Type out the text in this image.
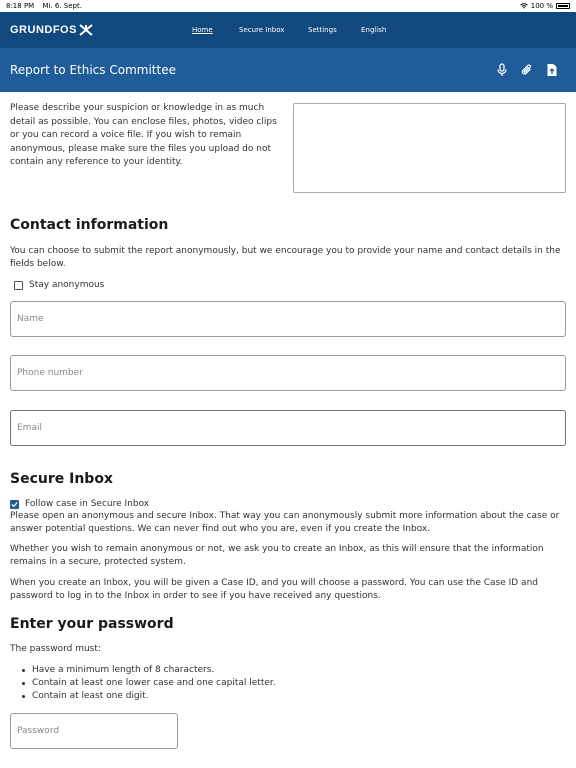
8:18 PM Mi. 6. Sept.	100 %
GRUNDFOS	Home	Secure Inbox	Settings	English
Report to Ethics Committee

Please describe your suspicion or knowledge in as much detail as possible. You can enclose files, photos, video clips or you can record a voice file. If you wish to remain anonymous, please make sure the files you upload do not contain any reference to your identity.

Contact information

You can choose to submit the report anonymously, but we encourage you to provide your name and contact details in the fields below.

Stay anonymous
Name
Phone number
Email
Secure Inbox
Follow case in Secure Inbox

Please open an anonymous and secure Inbox. That way you can anonymously submit more information about the case or answer potential questions. We can never find out who you are, even if you create the Inbox.

Whether you wish to remain anonymous or not, we ask you to create an Inbox, as this will ensure that the information remains in a secure, protected system.

When you create an Inbox, you will be given a Case ID, and you will choose a password. You can use the Case ID and password to log in to the Inbox in order to see if you have received any questions.

Enter your password

The password must:

Have a minimum length of 8 characters.
Contain at least one lower case and one capital letter.
Contain at least one digit.
